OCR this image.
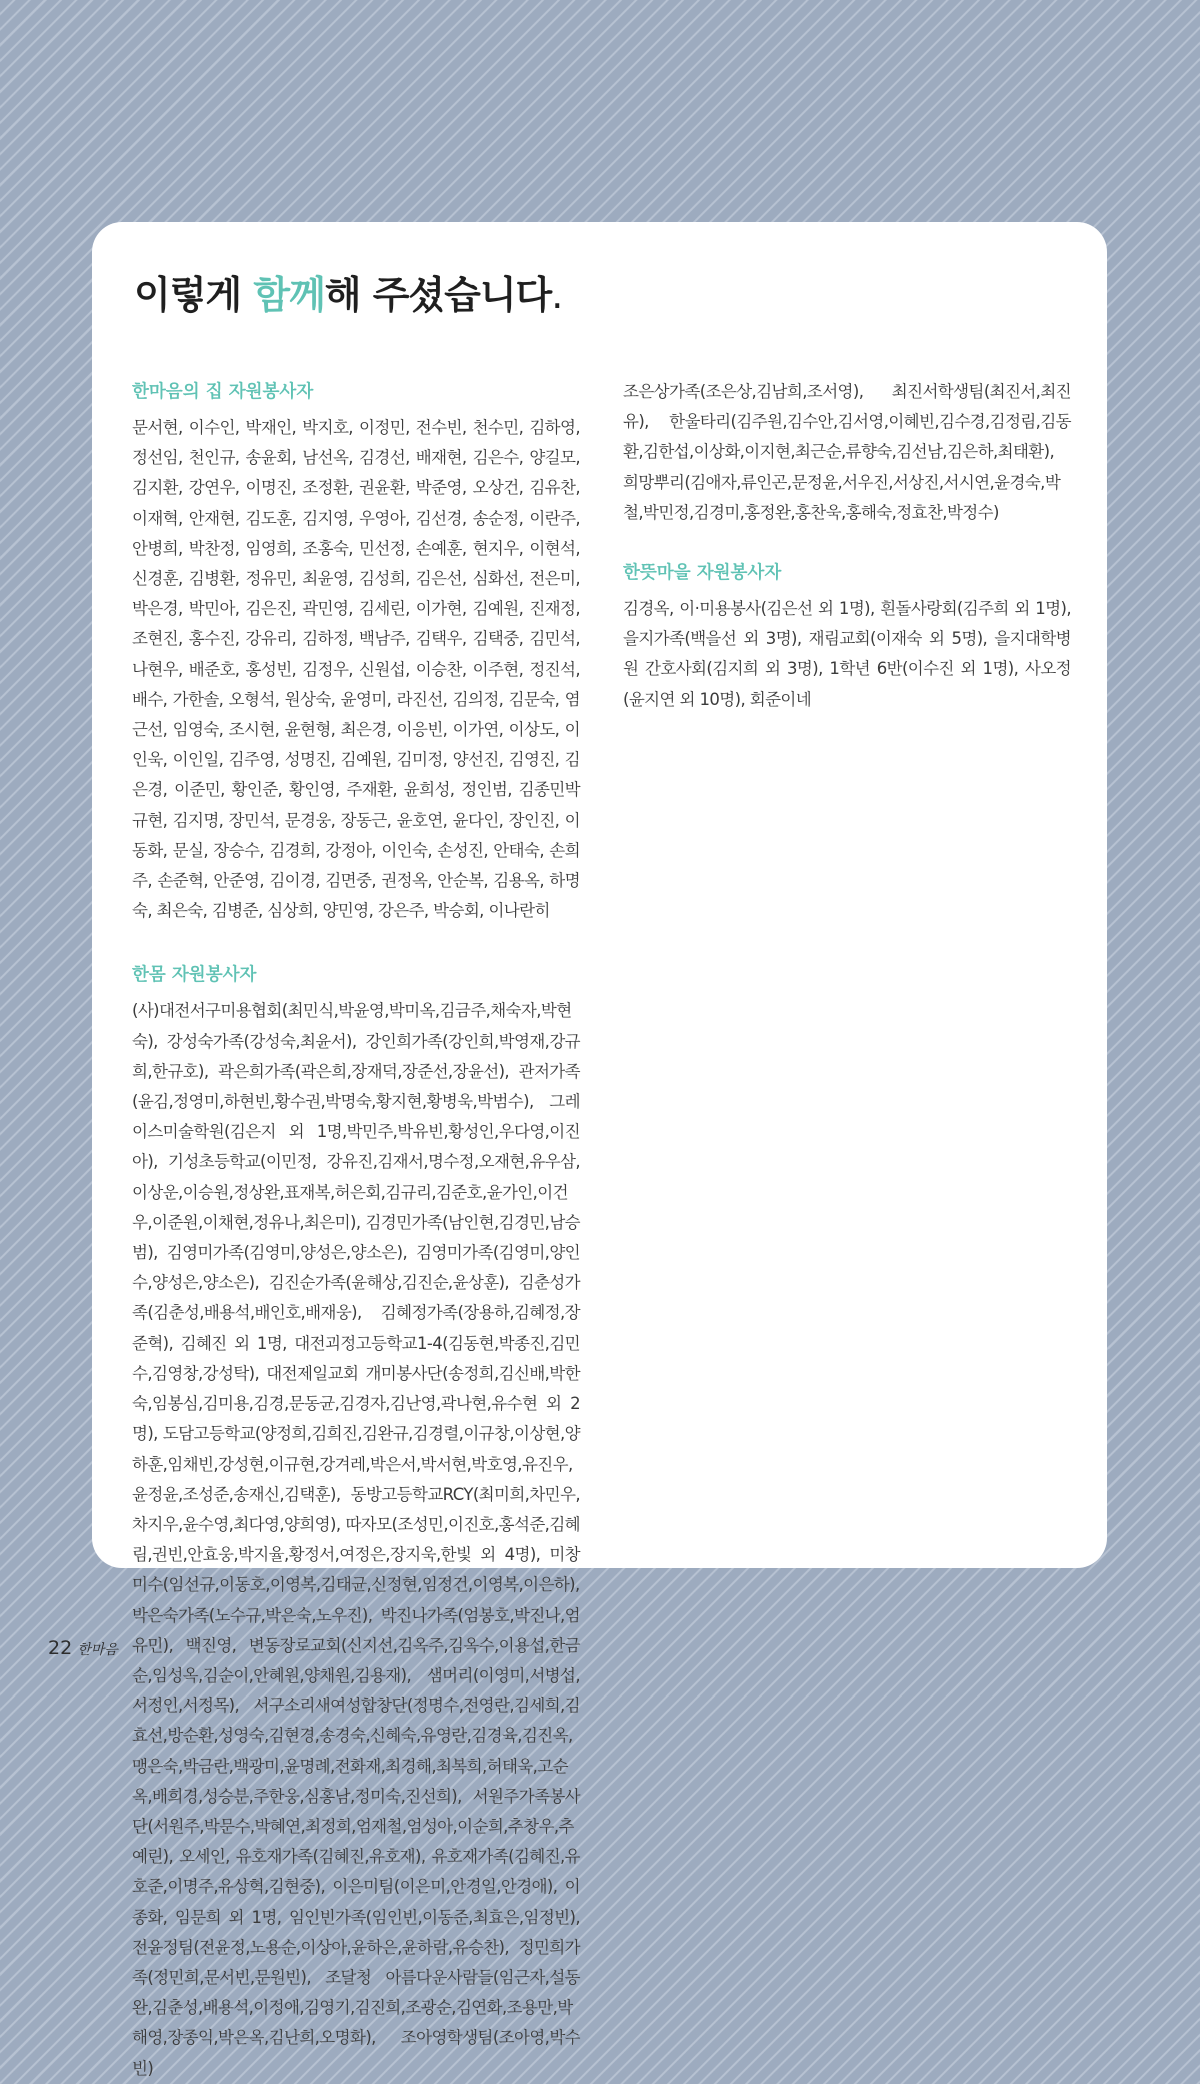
이렇게 함께해 주셨습니다.
한마음의 집 자원봉사자

문서현, 이수인, 박재인, 박지호, 이정민, 전수빈, 천수민, 김하영, 정선임, 천인규, 송윤회, 남선옥, 김경선, 배재현, 김은수, 양길모, 김지환, 강연우, 이명진, 조정환, 권윤환, 박준영, 오상건, 김유찬, 이재혁, 안재현, 김도훈, 김지영, 우영아, 김선경, 송순정, 이란주, 안병희, 박찬정, 임영희, 조홍숙, 민선정, 손예훈, 현지우, 이현석, 신경훈, 김병환, 정유민, 최윤영, 김성희, 김은선, 심화선, 전은미, 박은경, 박민아, 김은진, 곽민영, 김세린, 이가현, 김예원, 진재정, 조현진, 홍수진, 강유리, 김하정, 백남주, 김택우, 김택중, 김민석, 나현우, 배준호, 홍성빈, 김정우, 신원섭, 이승찬, 이주현, 정진석, 배수, 가한솔, 오형석, 원상숙, 윤영미, 라진선, 김의정, 김문숙, 염근선, 임영숙, 조시현, 윤현형, 최은경, 이응빈, 이가연, 이상도, 이인욱, 이인일, 김주영, 성명진, 김예원, 김미정, 양선진, 김영진, 김은경, 이준민, 황인준, 황인영, 주재환, 윤희성, 정인범, 김종민박규현, 김지명, 장민석, 문경웅, 장동근, 윤호연, 윤다인, 장인진, 이동화, 문실, 장승수, 김경희, 강정아, 이인숙, 손성진, 안태숙, 손희주, 손준혁, 안준영, 김이경, 김면중, 권정옥, 안순복, 김용옥, 하명숙, 최은숙, 김병준, 심상희, 양민영, 강은주, 박승회, 이나란히

한몸 자원봉사자

(사)대전서구미용협회(최민식,박윤영,박미옥,김금주,채숙자,박현숙), 강성숙가족(강성숙,최윤서), 강인희가족(강인희,박영재,강규희,한규호), 곽은희가족(곽은희,장재덕,장준선,장윤선), 관저가족(윤김,정영미,하현빈,황수권,박명숙,황지현,황병욱,박범수), 그레이스미술학원(김은지 외 1명,박민주,박유빈,황성인,우다영,이진아), 기성초등학교(이민정, 강유진,김재서,명수정,오재현,유우삼,이상운,이승원,정상완,표재복,허은회,김규리,김준호,윤가인,이건우,이준원,이채현,정유나,최은미), 김경민가족(남인현,김경민,남승범), 김영미가족(김영미,양성은,양소은), 김영미가족(김영미,양인수,양성은,양소은), 김진순가족(윤해상,김진순,윤상훈), 김춘성가족(김춘성,배용석,배인호,배재웅), 김혜정가족(장용하,김혜정,장준혁), 김혜진 외 1명, 대전괴정고등학교1-4(김동현,박종진,김민수,김영창,강성탁), 대전제일교회 개미봉사단(송정희,김신배,박한숙,임봉심,김미용,김경,문동균,김경자,김난영,곽나현,유수현 외 2명), 도담고등학교(양정희,김희진,김완규,김경렬,이규창,이상현,양하훈,임채빈,강성현,이규현,강겨레,박은서,박서현,박호영,유진우,윤정윤,조성준,송재신,김택훈), 동방고등학교RCY(최미희,차민우,차지우,윤수영,최다영,양희영), 따자모(조성민,이진호,홍석준,김혜림,권빈,안효웅,박지율,황정서,여정은,장지욱,한빛 외 4명), 미창미수(임선규,이동호,이영복,김태균,신정현,임정건,이영복,이은하), 박은숙가족(노수규,박은숙,노우진), 박진나가족(엄봉호,박진나,엄유민), 백진영, 변동장로교회(신지선,김옥주,김옥수,이용섭,한금순,임성옥,김순이,안혜원,양채원,김용재), 샘머리(이영미,서병섭,서정인,서정목), 서구소리새여성합창단(정명수,전영란,김세희,김효선,방순환,성영숙,김현경,송경숙,신혜숙,유영란,김경육,김진옥,맹은숙,박금란,백광미,윤명례,전화재,최경해,최복희,허태욱,고순옥,배희경,성승분,주한웅,심홍남,정미숙,진선희), 서원주가족봉사단(서원주,박문수,박혜연,최정희,엄재철,엄성아,이순희,추창우,추예린), 오세인, 유호재가족(김혜진,유호재), 유호재가족(김혜진,유호준,이명주,유상혁,김현중), 이은미팀(이은미,안경일,안경애), 이종화, 임문희 외 1명, 임인빈가족(임인빈,이동준,최효은,임정빈), 전윤정팀(전윤정,노용순,이상아,윤하은,윤하람,유승찬), 정민희가족(정민희,문서빈,문원빈), 조달청 아름다운사람들(임근자,설동완,김춘성,배용석,이정애,김영기,김진희,조광순,김연화,조용만,박해영,장종익,박은옥,김난희,오명화), 조아영학생팀(조아영,박수빈)

조은상가족(조은상,김남희,조서영), 최진서학생팀(최진서,최진유), 한울타리(김주원,김수안,김서영,이혜빈,김수경,김정림,김동환,김한섭,이상화,이지현,최근순,류향숙,김선남,김은하,최태환), 희망뿌리(김애자,류인곤,문정윤,서우진,서상진,서시연,윤경숙,박철,박민정,김경미,홍정완,홍찬욱,홍해숙,정효찬,박정수)

한뜻마을 자원봉사자

김경옥, 이·미용봉사(김은선 외 1명), 흰돌사랑회(김주희 외 1명), 을지가족(백을선 외 3명), 재림교회(이재숙 외 5명), 을지대학병원 간호사회(김지희 외 3명), 1학년 6반(이수진 외 1명), 사오정(윤지연 외 10명), 회준이네

22 한마음
